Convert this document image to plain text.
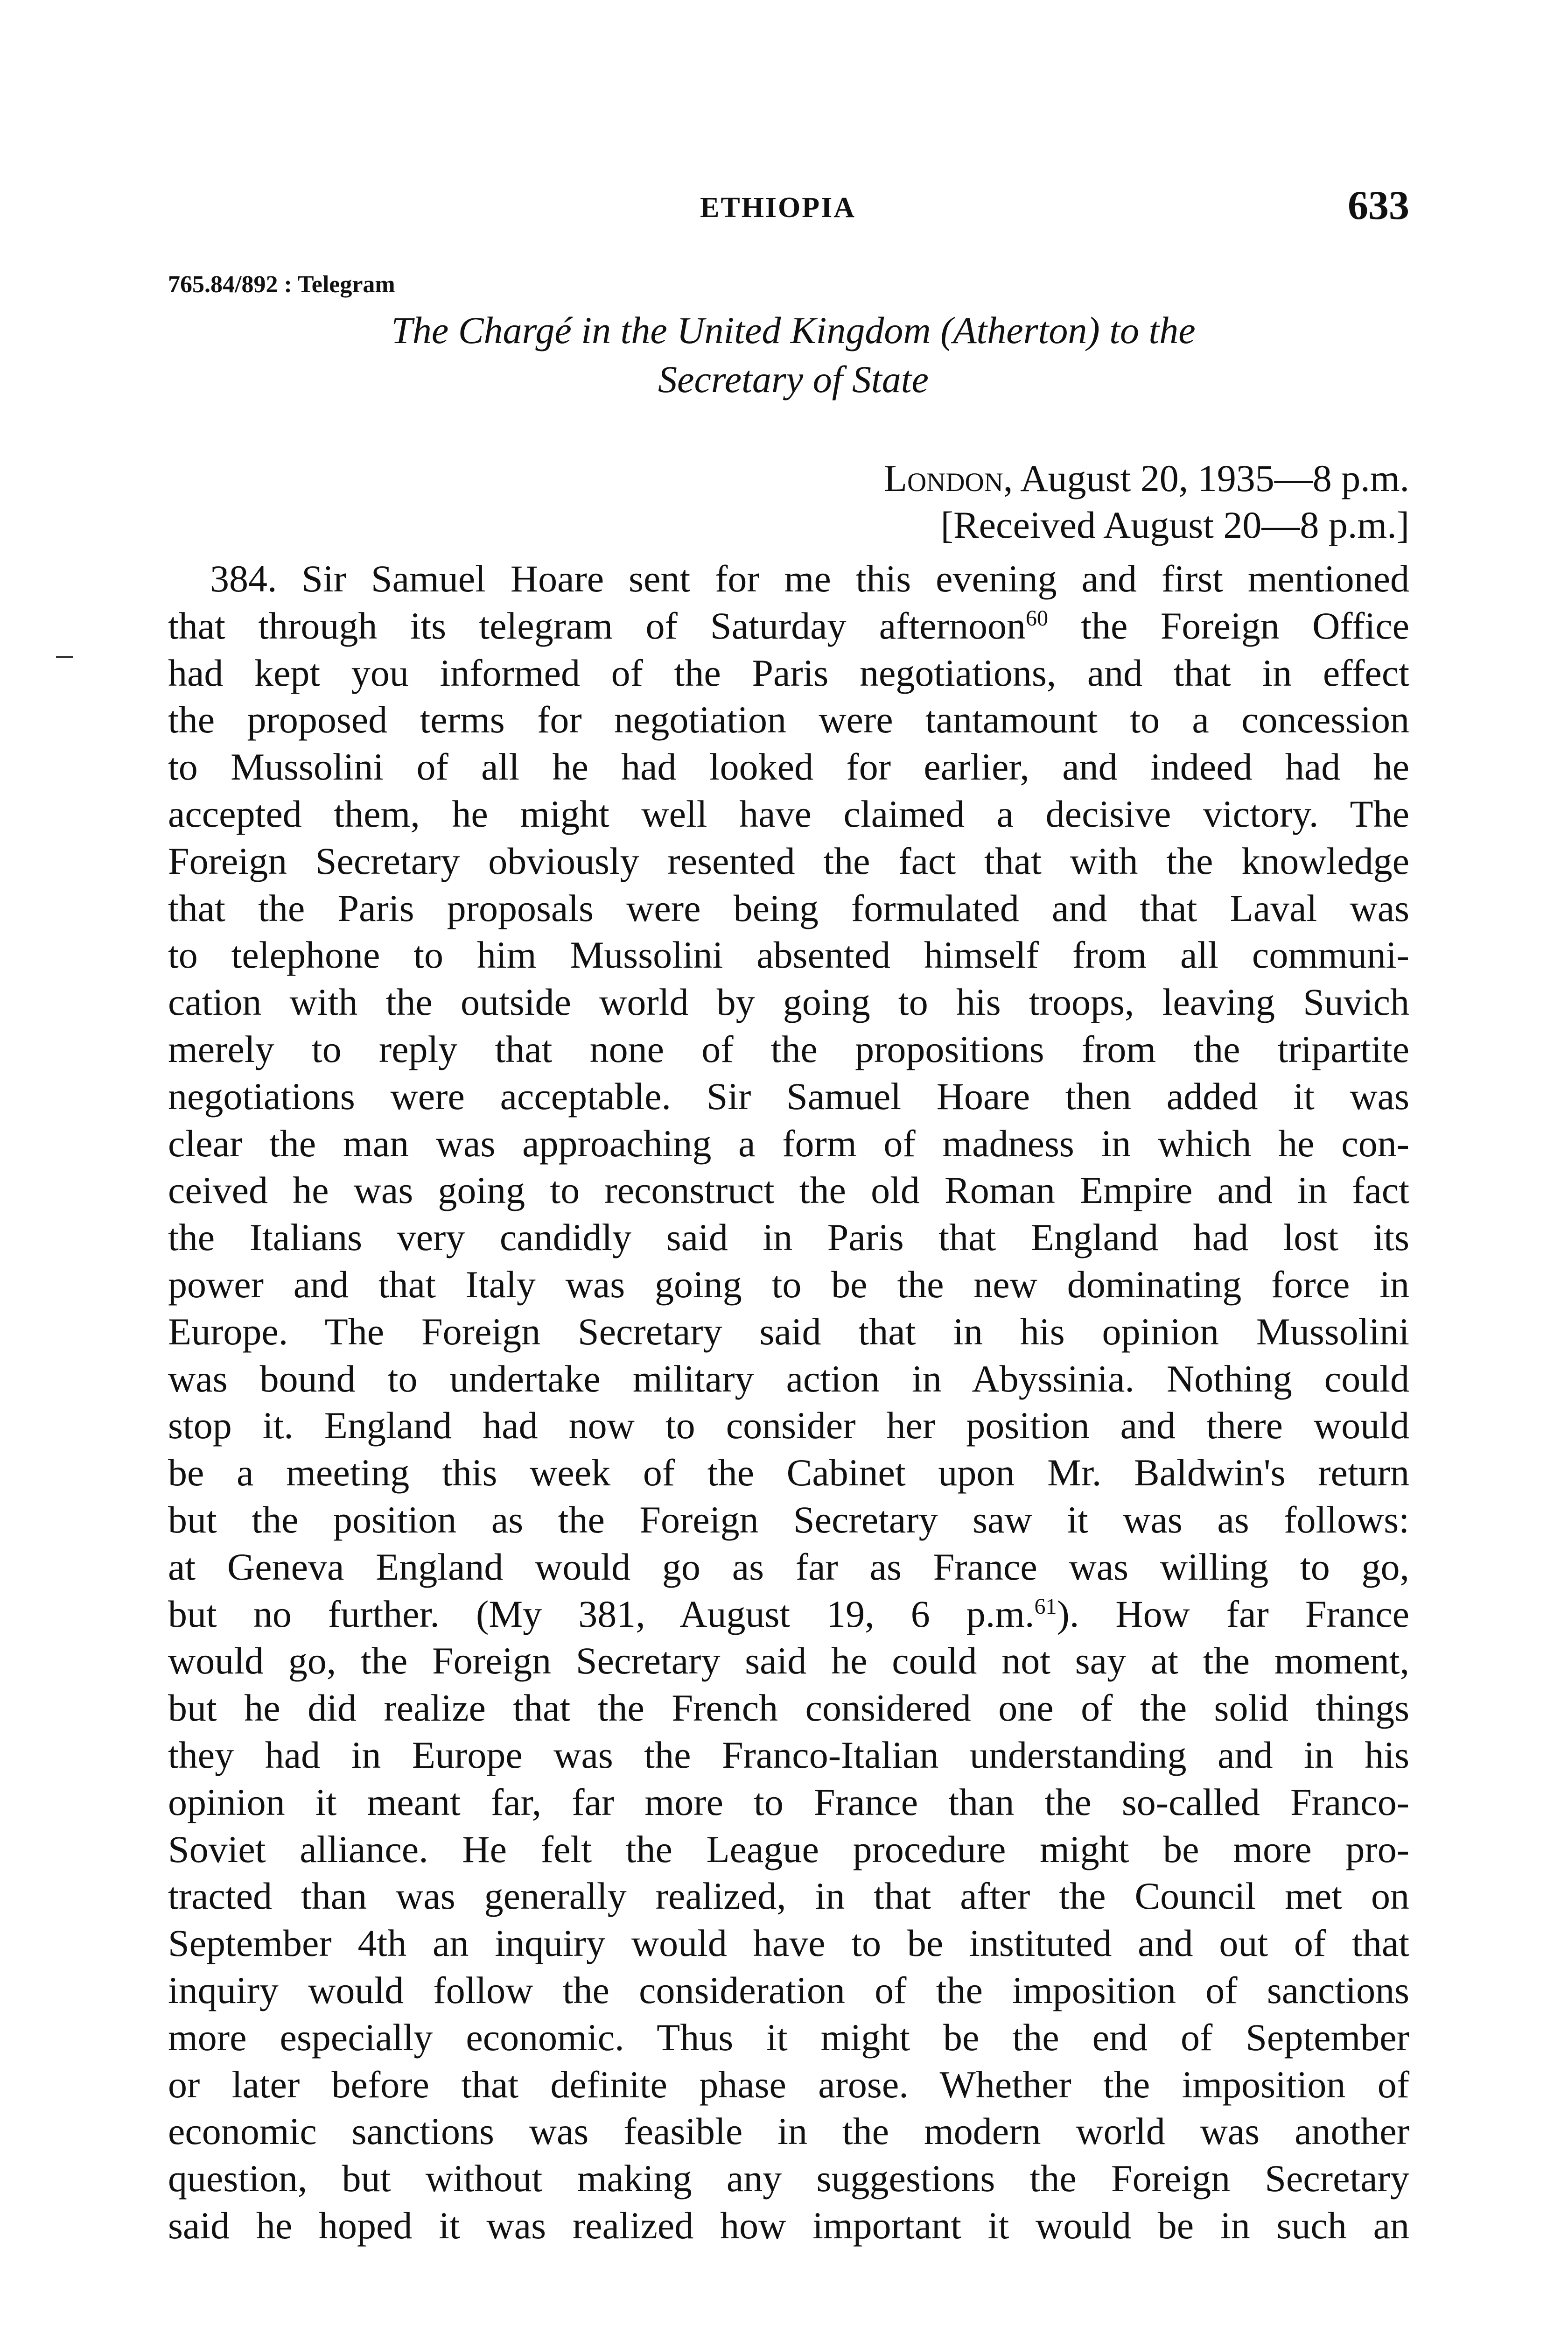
ETHIOPIA	633
765.84/892 : Telegram
The Chargé in the United Kingdom (Atherton) to the
Secretary of State
London, August 20, 1935—8 p.m.
[Received August 20—8 p.m.]
384. Sir Samuel Hoare sent for me this evening and first mentioned
that through its telegram of Saturday afternoon$^{60}$ the Foreign Office
had kept you informed of the Paris negotiations, and that in effect
the proposed terms for negotiation were tantamount to a concession
to Mussolini of all he had looked for earlier, and indeed had he
accepted them, he might well have claimed a decisive victory. The
Foreign Secretary obviously resented the fact that with the knowledge
that the Paris proposals were being formulated and that Laval was
to telephone to him Mussolini absented himself from all communi-
cation with the outside world by going to his troops, leaving Suvich
merely to reply that none of the propositions from the tripartite
negotiations were acceptable. Sir Samuel Hoare then added it was
clear the man was approaching a form of madness in which he con-
ceived he was going to reconstruct the old Roman Empire and in fact
the Italians very candidly said in Paris that England had lost its
power and that Italy was going to be the new dominating force in
Europe. The Foreign Secretary said that in his opinion Mussolini
was bound to undertake military action in Abyssinia. Nothing could
stop it. England had now to consider her position and there would
be a meeting this week of the Cabinet upon Mr. Baldwin's return
but the position as the Foreign Secretary saw it was as follows:
at Geneva England would go as far as France was willing to go,
but no further. (My 381, August 19, 6 p.m.$^{61}$). How far France
would go, the Foreign Secretary said he could not say at the moment,
but he did realize that the French considered one of the solid things
they had in Europe was the Franco-Italian understanding and in his
opinion it meant far, far more to France than the so-called Franco-
Soviet alliance. He felt the League procedure might be more pro-
tracted than was generally realized, in that after the Council met on
September 4th an inquiry would have to be instituted and out of that
inquiry would follow the consideration of the imposition of sanctions
more especially economic. Thus it might be the end of September
or later before that definite phase arose. Whether the imposition of
economic sanctions was feasible in the modern world was another
question, but without making any suggestions the Foreign Secretary
said he hoped it was realized how important it would be in such an
